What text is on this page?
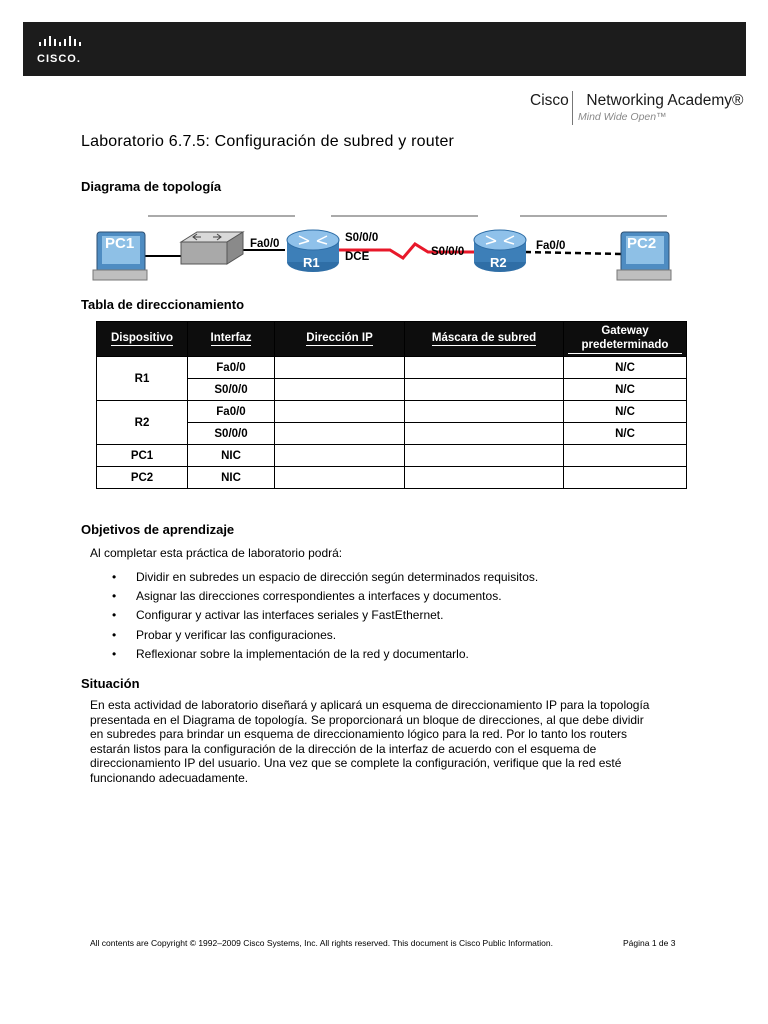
CISCO.
Cisco Networking Academy®
Mind Wide Open™
Laboratorio 6.7.5: Configuración de subred y router
Diagrama de topología
PC1
R1	R2
PC2
Fa0/0	S0/0/0
DCE	S0/0/0	Fa0/0
Tabla de direccionamiento
Dispositivo	Interfaz	Dirección IP	Máscara de subred	Gateway predeterminado
R1	Fa0/0			N/C
	S0/0/0			N/C
R2	Fa0/0			N/C
	S0/0/0			N/C
PC1	NIC			
PC2	NIC			
Objetivos de aprendizaje
Al completar esta práctica de laboratorio podrá:
• Dividir en subredes un espacio de dirección según determinados requisitos.
• Asignar las direcciones correspondientes a interfaces y documentos.
• Configurar y activar las interfaces seriales y FastEthernet.
• Probar y verificar las configuraciones.
• Reflexionar sobre la implementación de la red y documentarlo.
Situación
En esta actividad de laboratorio diseñará y aplicará un esquema de direccionamiento IP para la topología
presentada en el Diagrama de topología. Se proporcionará un bloque de direcciones, al que debe dividir
en subredes para brindar un esquema de direccionamiento lógico para la red. Por lo tanto los routers
estarán listos para la configuración de la dirección de la interfaz de acuerdo con el esquema de
direccionamiento IP del usuario. Una vez que se complete la configuración, verifique que la red esté
funcionando adecuadamente.
All contents are Copyright © 1992–2009 Cisco Systems, Inc. All rights reserved. This document is Cisco Public Information.	Página 1 de 3
